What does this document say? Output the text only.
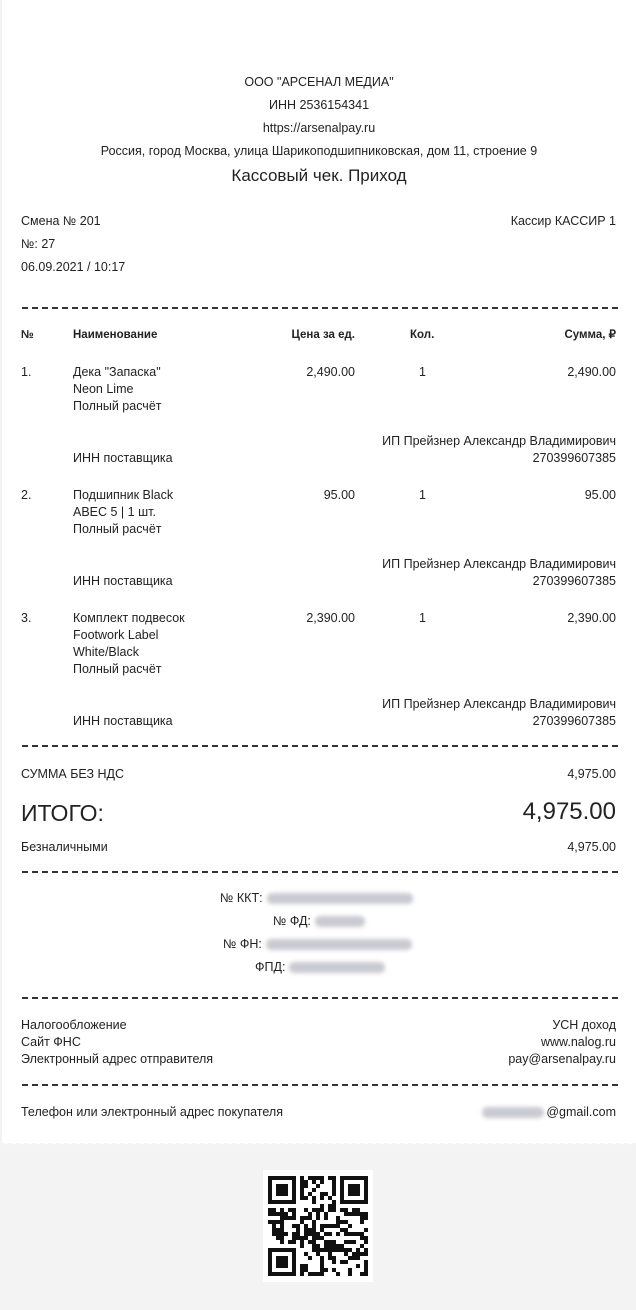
ООО "АРСЕНАЛ МЕДИА"
ИНН 2536154341
https://arsenalpay.ru
Россия, город Москва, улица Шарикоподшипниковская, дом 11, строение 9
Кассовый чек. Приход
Смена № 201	Кассир КАССИР 1
№: 27
06.09.2021 / 10:17
№	Наименование	Цена за ед.	Кол.	Сумма, ₽
1.	Дека "Запаска"
Neon Lime
Полный расчёт
2,490.00	1	2,490.00
ИП Прейзнер Александр Владимирович
ИНН поставщика	270399607385
2.	Подшипник Black
ABEC 5 | 1 шт.
Полный расчёт
95.00	1	95.00
ИП Прейзнер Александр Владимирович
ИНН поставщика	270399607385
3.	Комплект подвесок
Footwork Label
White/Black
Полный расчёт
2,390.00	1	2,390.00
ИП Прейзнер Александр Владимирович
ИНН поставщика	270399607385
СУММА БЕЗ НДС	4,975.00
ИТОГО:	4,975.00
Безналичными	4,975.00
№ ККТ:
№ ФД:
№ ФН:
ФПД:
Налогообложение	УСН доход
Сайт ФНС	www.nalog.ru
Электронный адрес отправителя	pay@arsenalpay.ru
Телефон или электронный адрес покупателя	@gmail.com
